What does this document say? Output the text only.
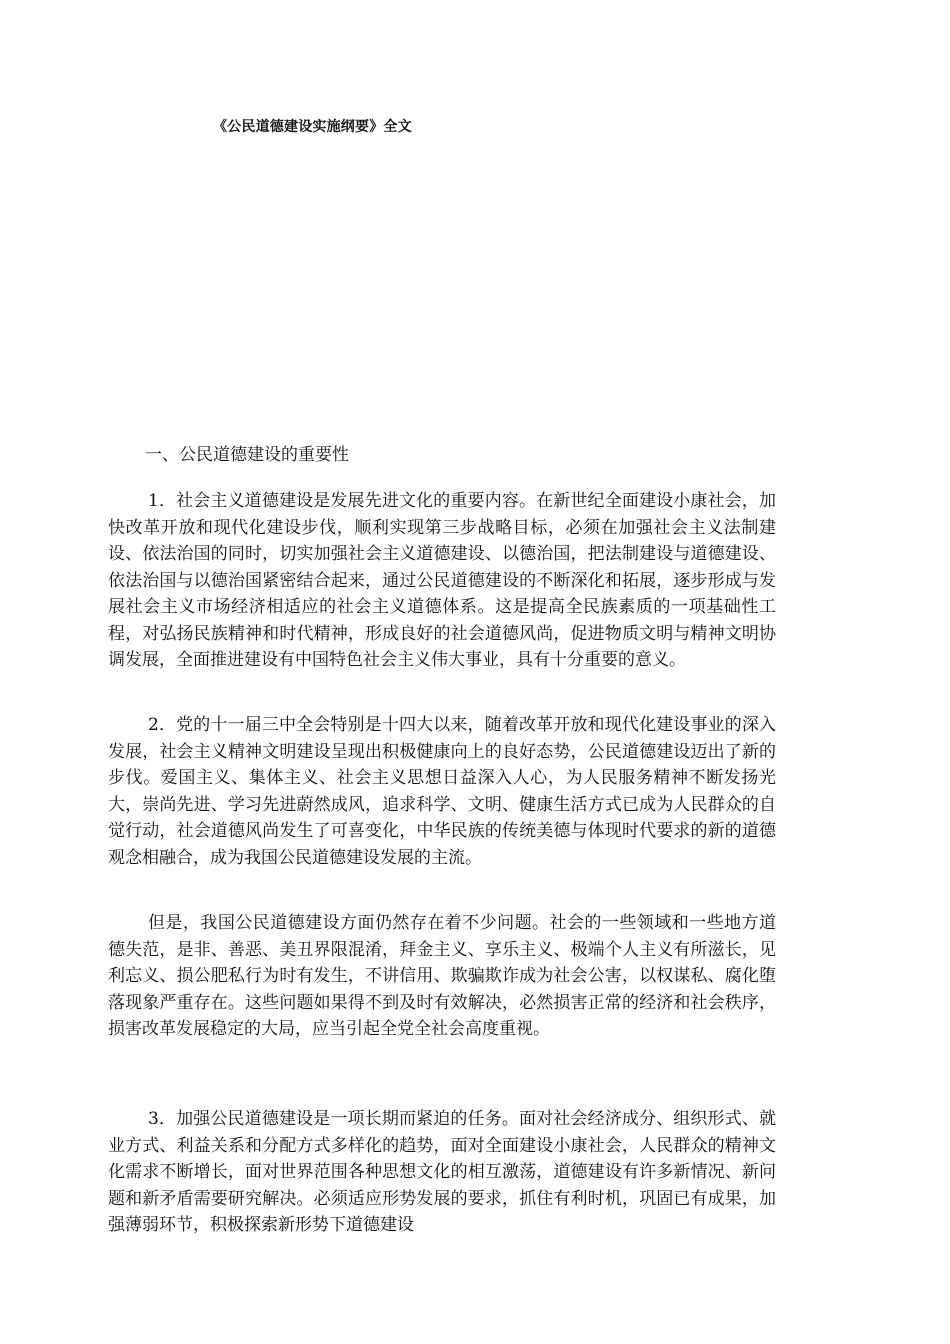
《公民道德建设实施纲要》全文
一、公民道德建设的重要性

1．社会主义道德建设是发展先进文化的重要内容。在新世纪全面建设小康社会，加快改革开放和现代化建设步伐，顺利实现第三步战略目标，必须在加强社会主义法制建设、依法治国的同时，切实加强社会主义道德建设、以德治国，把法制建设与道德建设、依法治国与以德治国紧密结合起来，通过公民道德建设的不断深化和拓展，逐步形成与发展社会主义市场经济相适应的社会主义道德体系。这是提高全民族素质的一项基础性工程，对弘扬民族精神和时代精神，形成良好的社会道德风尚，促进物质文明与精神文明协调发展，全面推进建设有中国特色社会主义伟大事业，具有十分重要的意义。

2．党的十一届三中全会特别是十四大以来，随着改革开放和现代化建设事业的深入发展，社会主义精神文明建设呈现出积极健康向上的良好态势，公民道德建设迈出了新的步伐。爱国主义、集体主义、社会主义思想日益深入人心，为人民服务精神不断发扬光大，崇尚先进、学习先进蔚然成风，追求科学、文明、健康生活方式已成为人民群众的自觉行动，社会道德风尚发生了可喜变化，中华民族的传统美德与体现时代要求的新的道德观念相融合，成为我国公民道德建设发展的主流。

但是，我国公民道德建设方面仍然存在着不少问题。社会的一些领域和一些地方道德失范，是非、善恶、美丑界限混淆，拜金主义、享乐主义、极端个人主义有所滋长，见利忘义、损公肥私行为时有发生，不讲信用、欺骗欺诈成为社会公害，以权谋私、腐化堕落现象严重存在。这些问题如果得不到及时有效解决，必然损害正常的经济和社会秩序，损害改革发展稳定的大局，应当引起全党全社会高度重视。

3．加强公民道德建设是一项长期而紧迫的任务。面对社会经济成分、组织形式、就业方式、利益关系和分配方式多样化的趋势，面对全面建设小康社会，人民群众的精神文化需求不断增长，面对世界范围各种思想文化的相互激荡，道德建设有许多新情况、新问题和新矛盾需要研究解决。必须适应形势发展的要求，抓住有利时机，巩固已有成果，加强薄弱环节，积极探索新形势下道德建设
